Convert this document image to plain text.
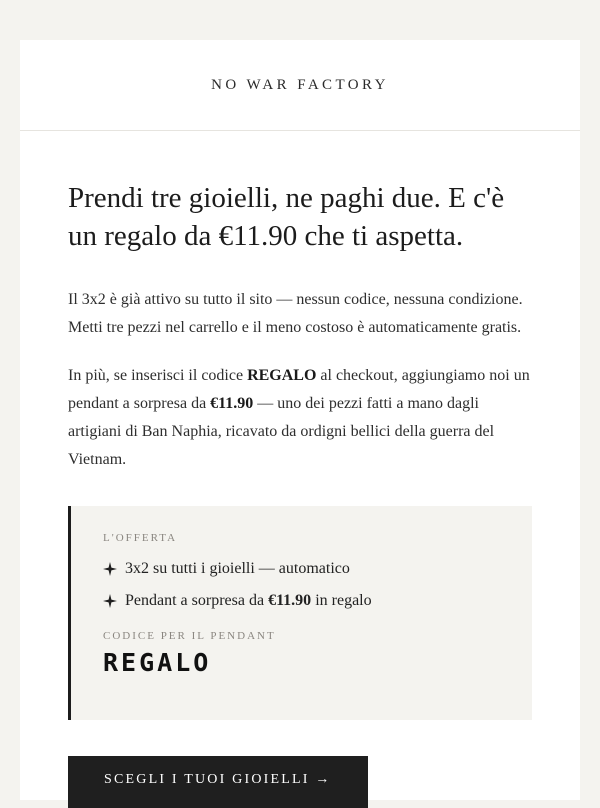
NO WAR FACTORY
Prendi tre gioielli, ne paghi due. E c'è un regalo da €11.90 che ti aspetta.

Il 3x2 è già attivo su tutto il sito — nessun codice, nessuna condizione. Metti tre pezzi nel carrello e il meno costoso è automaticamente gratis.

In più, se inserisci il codice REGALO al checkout, aggiungiamo noi un pendant a sorpresa da €11.90 — uno dei pezzi fatti a mano dagli artigiani di Ban Naphia, ricavato da ordigni bellici della guerra del Vietnam.

L'OFFERTA
3x2 su tutti i gioielli — automatico
Pendant a sorpresa da €11.90 in regalo
CODICE PER IL PENDANT
REGALO
SCEGLI I TUOI GIOIELLI →
